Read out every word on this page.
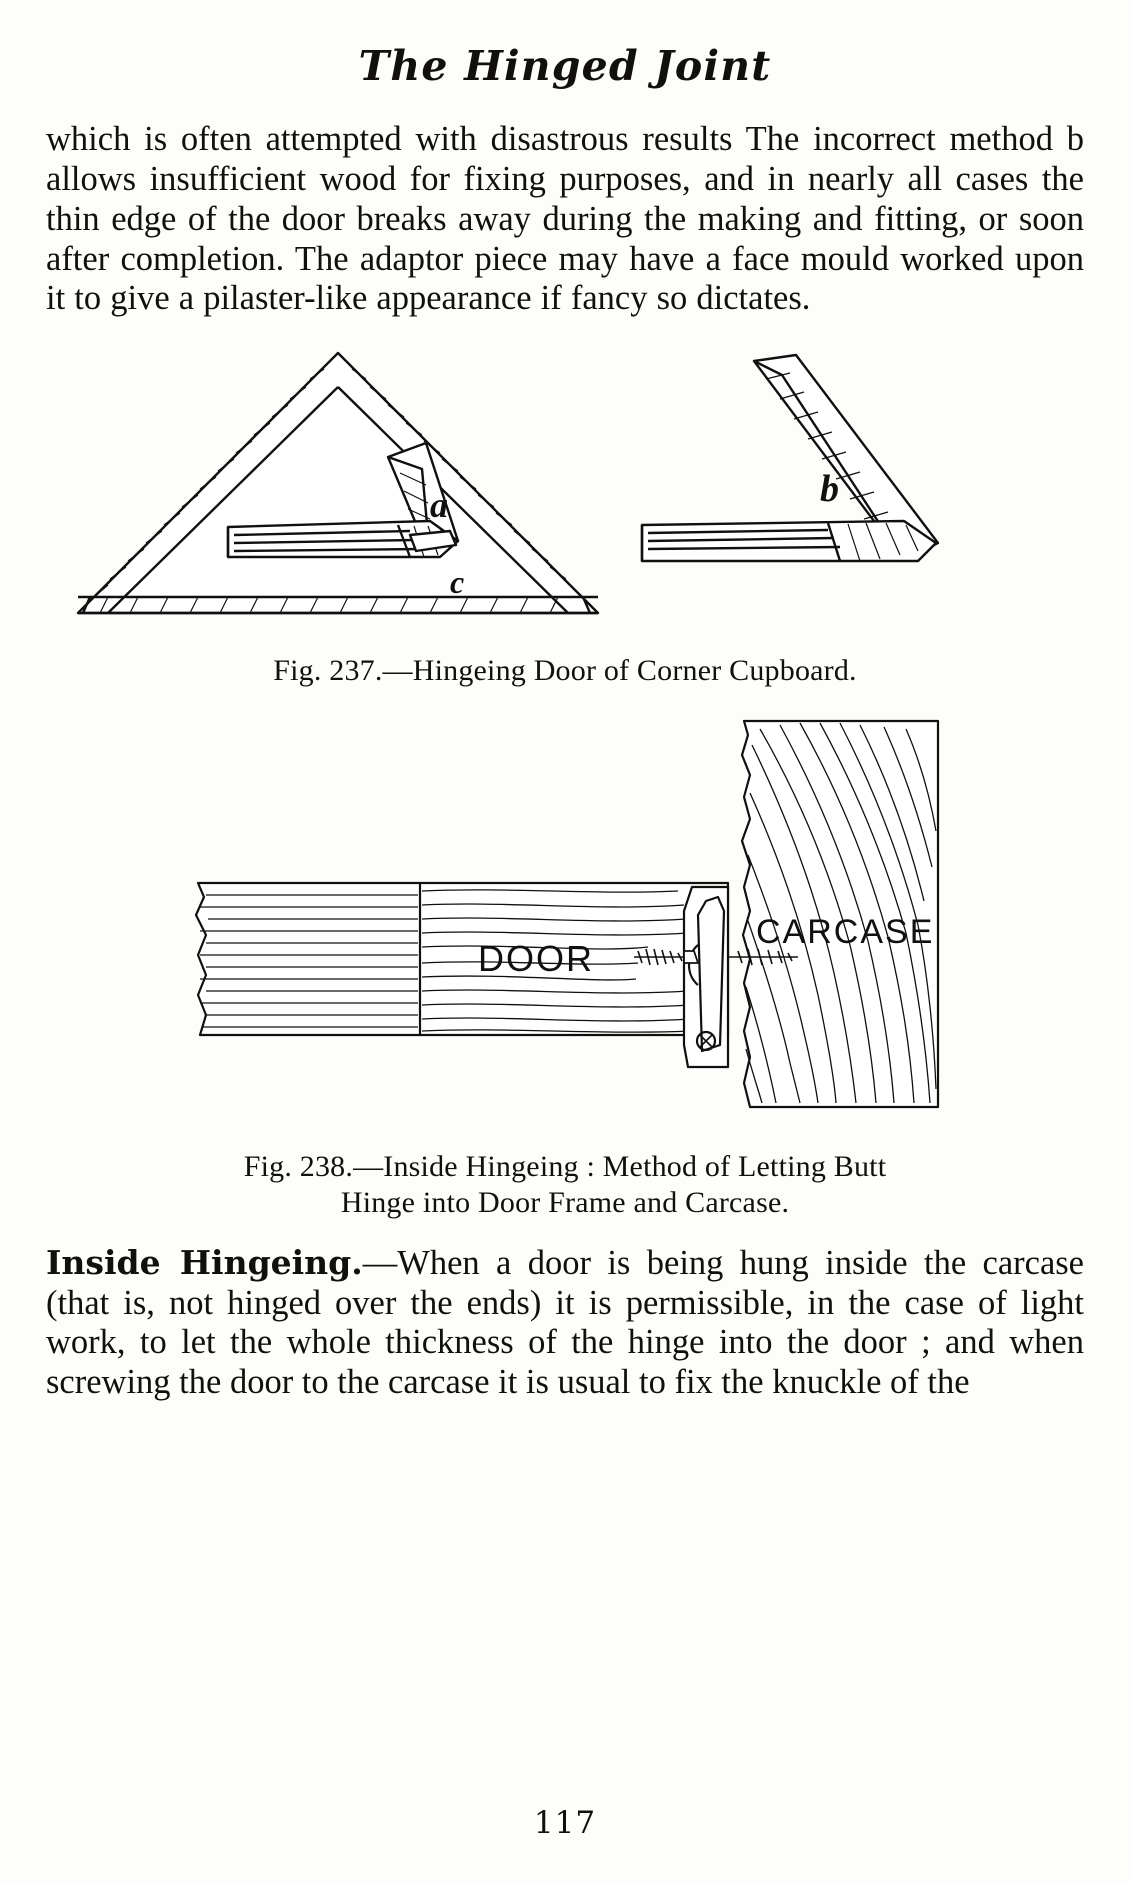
The Hinged Joint

which is often attempted with disastrous results The incorrect method b allows insufficient wood for fixing purposes, and in nearly all cases the thin edge of the door breaks away during the making and fitting, or soon after completion. The adaptor piece may have a face mould worked upon it to give a pilaster-like appearance if fancy so dictates.

a
c
b
Fig. 237.—Hingeing Door of Corner Cupboard.
CARCASE
DOOR
Fig. 238.—Inside Hingeing : Method of Letting Butt
Hinge into Door Frame and Carcase.
Inside Hingeing.—When a door is being hung inside the carcase (that is, not hinged over the ends) it is permissible, in the case of light work, to let the whole thickness of the hinge into the door ; and when screwing the door to the carcase it is usual to fix the knuckle of the
117
